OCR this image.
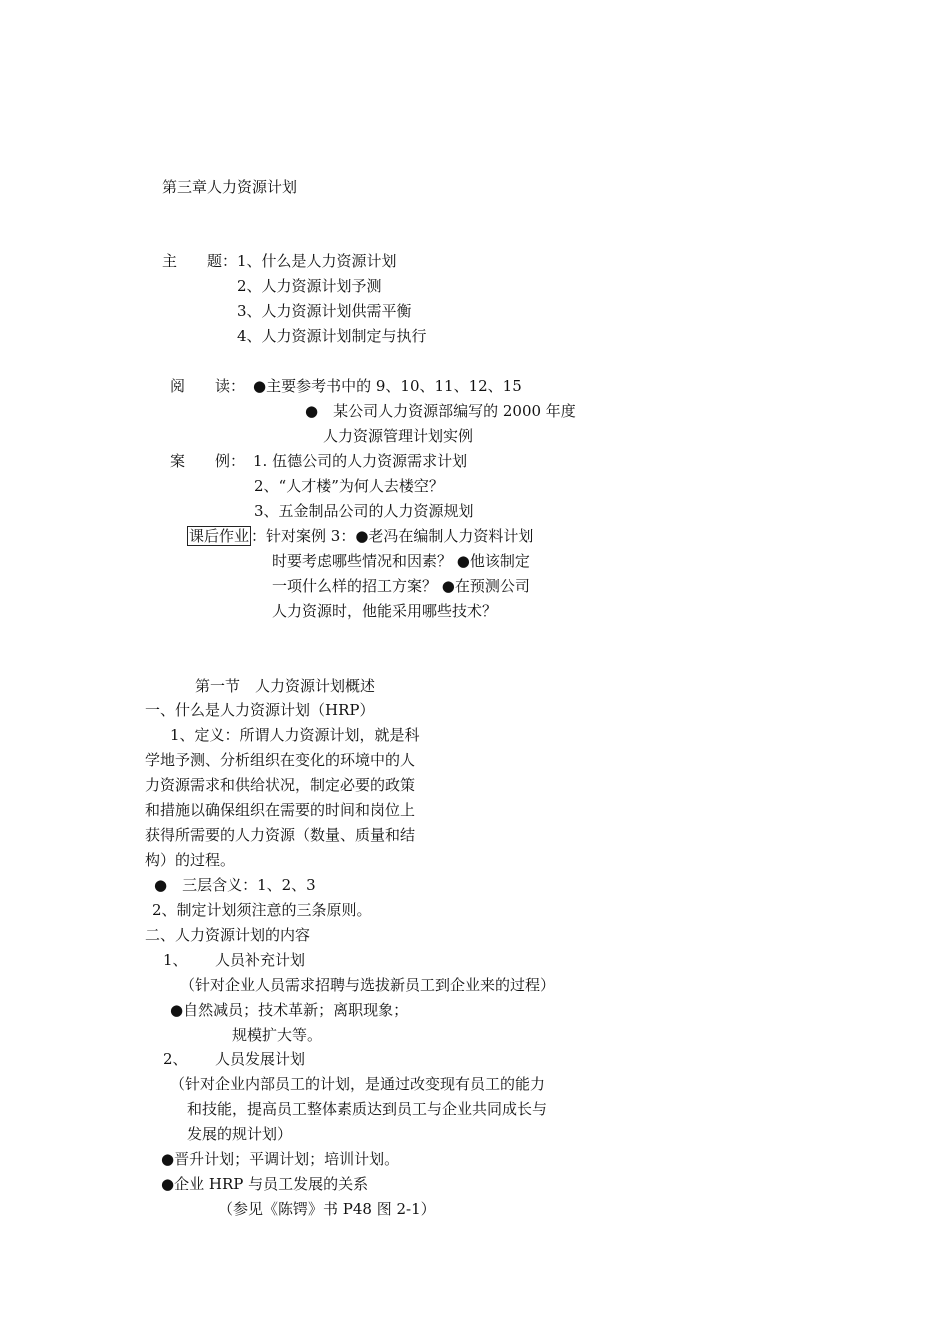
第三章人力资源计划
主　　题： 1、什么是人力资源计划
2、人力资源计划予测
3、人力资源计划供需平衡
4、人力资源计划制定与执行
阅　　读： ●主要参考书中的 9、10、11、12、15
●　某公司人力资源部编写的 2000 年度
人力资源管理计划实例
案　　例： 1. 伍德公司的人力资源需求计划
2、“人才楼”为何人去楼空？
3、五金制品公司的人力资源规划
课后作业 ：针对案例 3：●老冯在编制人力资料计划
时要考虑哪些情况和因素？ ●他该制定
一项什么样的招工方案？ ●在预测公司
人力资源时，他能采用哪些技术？
第一节　人力资源计划概述
一、什么是人力资源计划（HRP）
1、定义：所谓人力资源计划，就是科
学地予测、分析组织在变化的环境中的人
力资源需求和供给状况，制定必要的政策
和措施以确保组织在需要的时间和岗位上
获得所需要的人力资源（数量、质量和结
构）的过程。
●　三层含义：1、2、3
2、制定计划须注意的三条原则。
二、人力资源计划的内容
1、 人员补充计划
（针对企业人员需求招聘与选拔新员工到企业来的过程）
●自然减员；技术革新；离职现象；
规模扩大等。
2、 人员发展计划
（针对企业内部员工的计划，是通过改变现有员工的能力
和技能，提高员工整体素质达到员工与企业共同成长与
发展的规计划）
●晋升计划；平调计划；培训计划。
●企业 HRP 与员工发展的关系
（参见《陈锷》书 P48 图 2-1）
